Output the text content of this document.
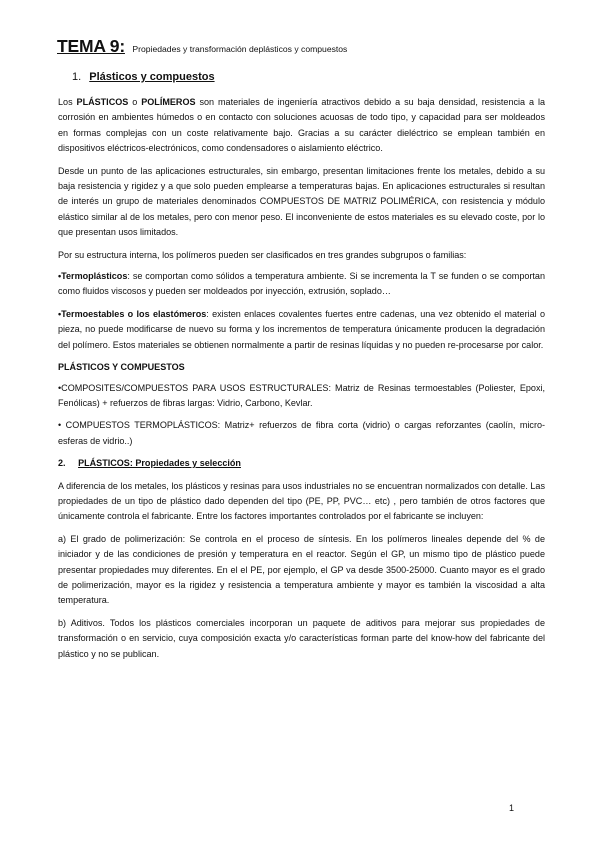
TEMA 9: Propiedades y transformación deplásticos y compuestos
1. Plásticos y compuestos

Los PLÁSTICOS o POLÍMEROS son materiales de ingeniería atractivos debido a su baja densidad, resistencia a la corrosión en ambientes húmedos o en contacto con soluciones acuosas de todo tipo, y capacidad para ser moldeados en formas complejas con un coste relativamente bajo. Gracias a su carácter dieléctrico se emplean también en dispositivos eléctricos-electrónicos, como condensadores o aislamiento eléctrico.

Desde un punto de las aplicaciones estructurales, sin embargo, presentan limitaciones frente los metales, debido a su baja resistencia y rigidez y a que solo pueden emplearse a temperaturas bajas. En aplicaciones estructurales si resultan de interés un grupo de materiales denominados COMPUESTOS DE MATRIZ POLIMÉRICA, con resistencia y módulo elástico similar al de los metales, pero con menor peso. El inconveniente de estos materiales es su elevado coste, por lo que presentan usos limitados.

Por su estructura interna, los polímeros pueden ser clasificados en tres grandes subgrupos o familias:

•Termoplásticos: se comportan como sólidos a temperatura ambiente. Si se incrementa la T se funden o se comportan como fluidos viscosos y pueden ser moldeados por inyección, extrusión, soplado…

•Termoestables o los elastómeros: existen enlaces covalentes fuertes entre cadenas, una vez obtenido el material o pieza, no puede modificarse de nuevo su forma y los incrementos de temperatura únicamente producen la degradación del polímero. Estos materiales se obtienen normalmente a partir de resinas líquidas y no pueden re-procesarse por calor.

PLÁSTICOS Y COMPUESTOS

•COMPOSITES/COMPUESTOS PARA USOS ESTRUCTURALES: Matriz de Resinas termoestables (Poliester, Epoxi, Fenólicas) + refuerzos de fibras largas: Vidrio, Carbono, Kevlar.

• COMPUESTOS TERMOPLÁSTICOS: Matriz+ refuerzos de fibra corta (vidrio) o cargas reforzantes (caolín, micro-esferas de vidrio..)

2. PLÁSTICOS: Propiedades y selección

A diferencia de los metales, los plásticos y resinas para usos industriales no se encuentran normalizados con detalle. Las propiedades de un tipo de plástico dado dependen del tipo (PE, PP, PVC… etc) , pero también de otros factores que únicamente controla el fabricante. Entre los factores importantes controlados por el fabricante se incluyen:

a) El grado de polimerización: Se controla en el proceso de síntesis. En los polímeros lineales depende del % de iniciador y de las condiciones de presión y temperatura en el reactor. Según el GP, un mismo tipo de plástico puede presentar propiedades muy diferentes. En el el PE, por ejemplo, el GP va desde 3500-25000. Cuanto mayor es el grado de polimerización, mayor es la rigidez y resistencia a temperatura ambiente y mayor es también la viscosidad a alta temperatura.

b) Aditivos. Todos los plásticos comerciales incorporan un paquete de aditivos para mejorar sus propiedades de transformación o en servicio, cuya composición exacta y/o características forman parte del know-how del fabricante del plástico y no se publican.

1
